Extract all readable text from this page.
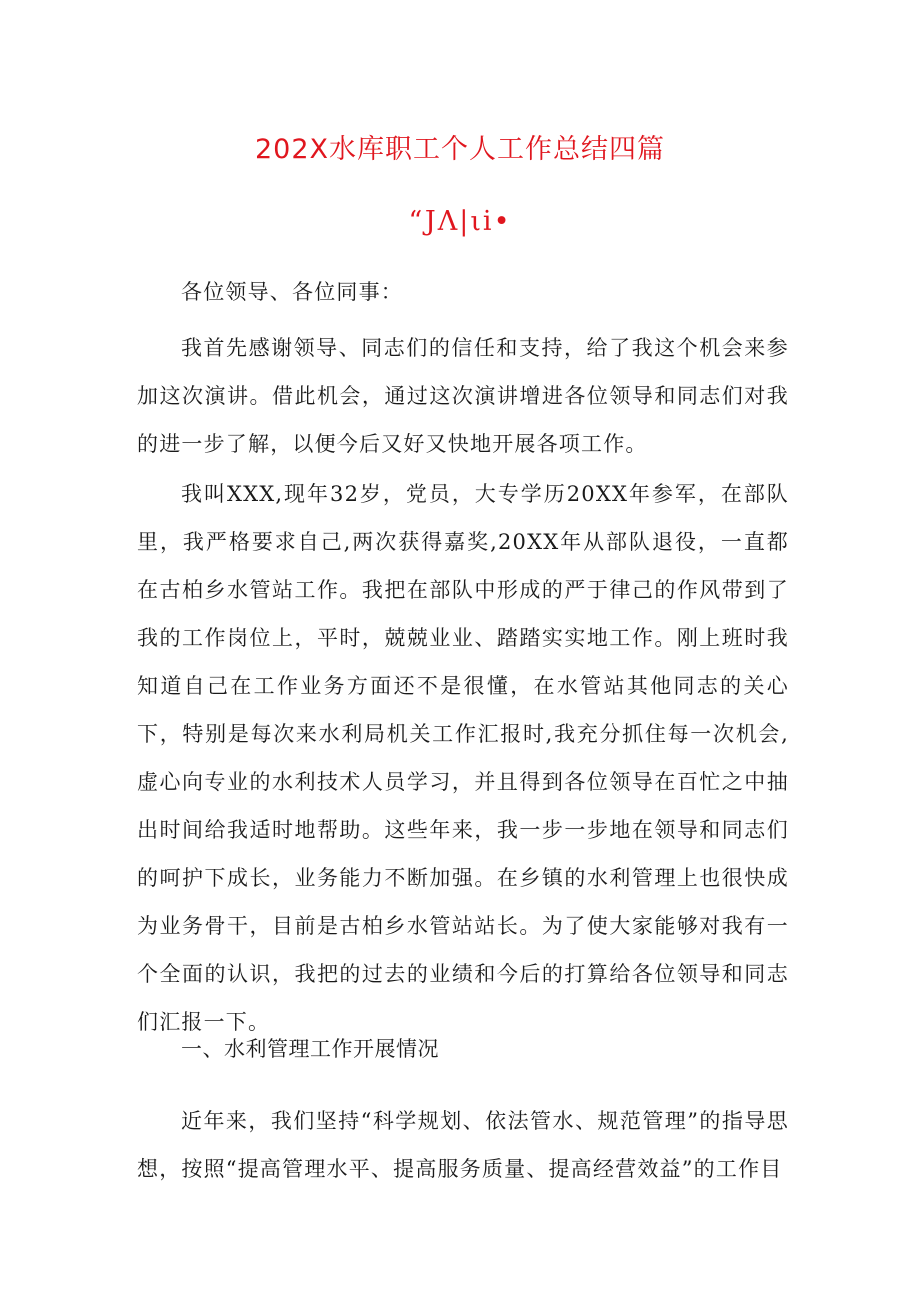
202X水库职工个人工作总结四篇
“JΛ|ιi•
各位领导、各位同事：
我首先感谢领导、同志们的信任和支持，给了我这个机会来参加这次演讲。借此机会，通过这次演讲增进各位领导和同志们对我的进一步了解，以便今后又好又快地开展各项工作。
我叫XXX,现年32岁，党员，大专学历20XX年参军，在部队里，我严格要求自己,两次获得嘉奖,20XX年从部队退役，一直都在古柏乡水管站工作。我把在部队中形成的严于律己的作风带到了我的工作岗位上，平时，兢兢业业、踏踏实实地工作。刚上班时我知道自己在工作业务方面还不是很懂，在水管站其他同志的关心下，特别是每次来水利局机关工作汇报时,我充分抓住每一次机会,虚心向专业的水利技术人员学习，并且得到各位领导在百忙之中抽出时间给我适时地帮助。这些年来，我一步一步地在领导和同志们的呵护下成长，业务能力不断加强。在乡镇的水利管理上也很快成为业务骨干，目前是古柏乡水管站站长。为了使大家能够对我有一个全面的认识，我把的过去的业绩和今后的打算给各位领导和同志们汇报一下。
一、水利管理工作开展情况
近年来，我们坚持“科学规划、依法管水、规范管理”的指导思想，按照“提高管理水平、提高服务质量、提高经营效益”的工作目
